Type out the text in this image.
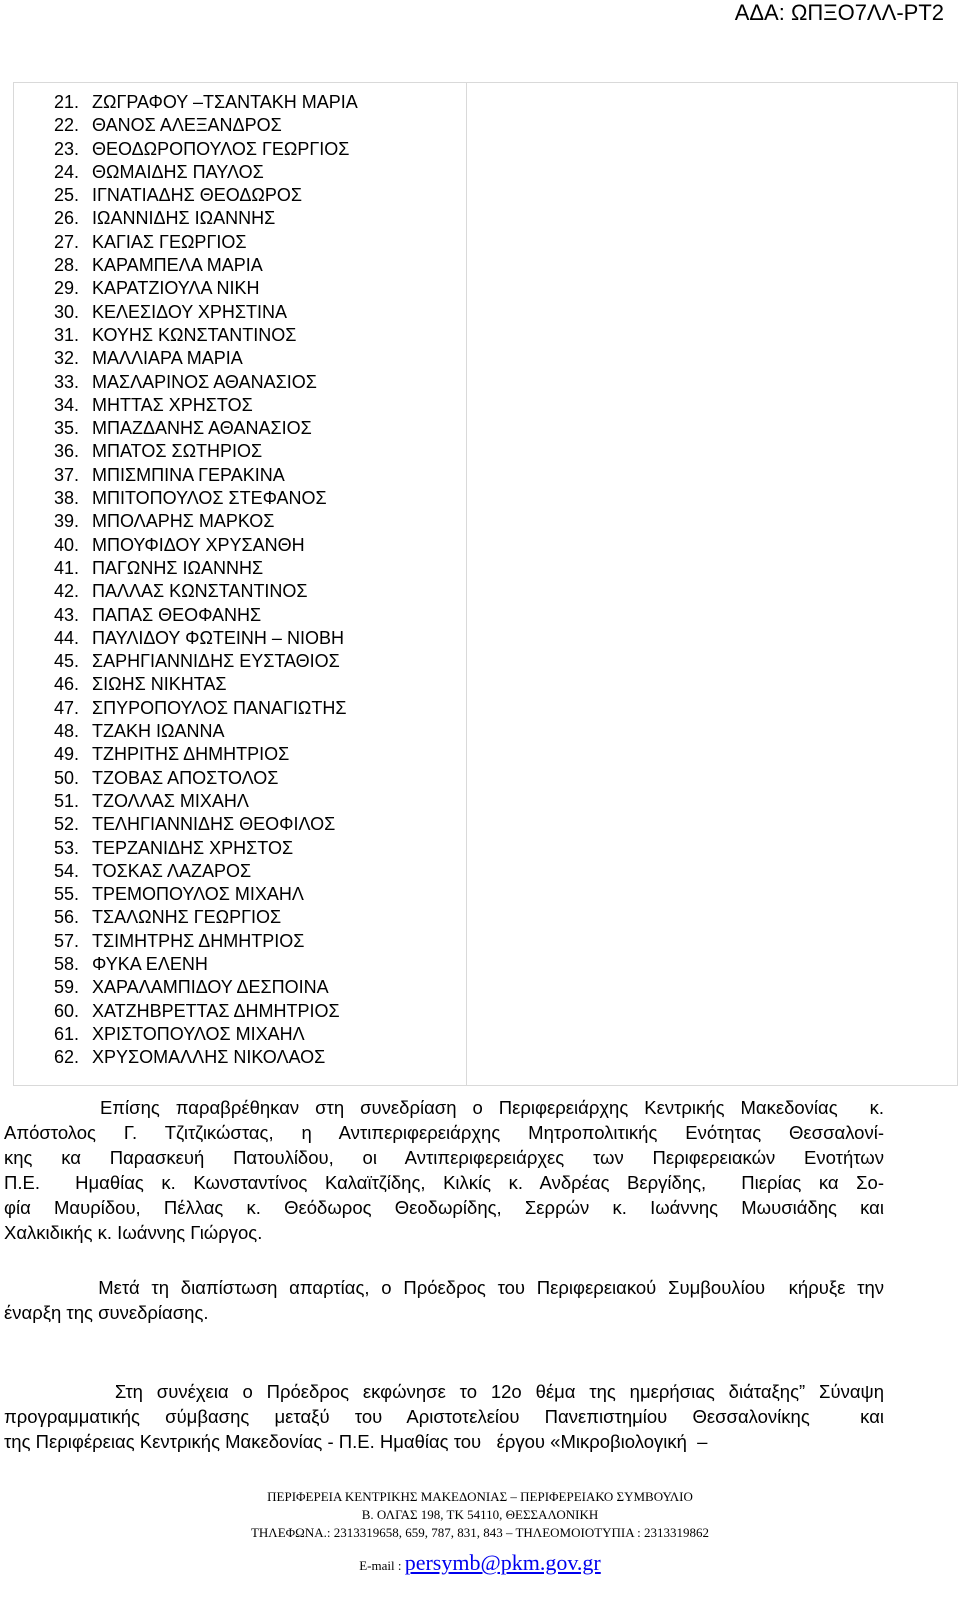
ΑΔΑ: ΩΠΞΟ7ΛΛ-ΡΤ2
21. ΖΩΓΡΑΦΟΥ –ΤΣΑΝΤΑΚΗ ΜΑΡΙΑ
22. ΘΑΝΟΣ ΑΛΕΞΑΝΔΡΟΣ
23. ΘΕΟΔΩΡΟΠΟΥΛΟΣ ΓΕΩΡΓΙΟΣ
24. ΘΩΜΑΙΔΗΣ ΠΑΥΛΟΣ
25. ΙΓΝΑΤΙΑΔΗΣ ΘΕΟΔΩΡΟΣ
26. ΙΩΑΝΝΙΔΗΣ ΙΩΑΝΝΗΣ
27. ΚΑΓΙΑΣ ΓΕΩΡΓΙΟΣ
28. ΚΑΡΑΜΠΕΛΑ ΜΑΡΙΑ
29. ΚΑΡΑΤΖΙΟΥΛΑ ΝΙΚΗ
30. ΚΕΛΕΣΙΔΟΥ ΧΡΗΣΤΙΝΑ
31. ΚΟΥΗΣ ΚΩΝΣΤΑΝΤΙΝΟΣ
32. ΜΑΛΛΙΑΡΑ ΜΑΡΙΑ
33. ΜΑΣΛΑΡΙΝΟΣ ΑΘΑΝΑΣΙΟΣ
34. ΜΗΤΤΑΣ ΧΡΗΣΤΟΣ
35. ΜΠΑΖΔΑΝΗΣ ΑΘΑΝΑΣΙΟΣ
36. ΜΠΑΤΟΣ ΣΩΤΗΡΙΟΣ
37. ΜΠΙΣΜΠΙΝΑ ΓΕΡΑΚΙΝΑ
38. ΜΠΙΤΟΠΟΥΛΟΣ ΣΤΕΦΑΝΟΣ
39. ΜΠΟΛΑΡΗΣ ΜΑΡΚΟΣ
40. ΜΠΟΥΦΙΔΟΥ ΧΡΥΣΑΝΘΗ
41. ΠΑΓΩΝΗΣ ΙΩΑΝΝΗΣ
42. ΠΑΛΛΑΣ ΚΩΝΣΤΑΝΤΙΝΟΣ
43. ΠΑΠΑΣ ΘΕΟΦΑΝΗΣ
44. ΠΑΥΛΙΔΟΥ ΦΩΤΕΙΝΗ – ΝΙΟΒΗ
45. ΣΑΡΗΓΙΑΝΝΙΔΗΣ ΕΥΣΤΑΘΙΟΣ
46. ΣΙΩΗΣ ΝΙΚΗΤΑΣ
47. ΣΠΥΡΟΠΟΥΛΟΣ ΠΑΝΑΓΙΩΤΗΣ
48. ΤΖΑΚΗ ΙΩΑΝΝΑ
49. ΤΖΗΡΙΤΗΣ ΔΗΜΗΤΡΙΟΣ
50. ΤΖΟΒΑΣ ΑΠΟΣΤΟΛΟΣ
51. ΤΖΟΛΛΑΣ ΜΙΧΑΗΛ
52. ΤΕΛΗΓΙΑΝΝΙΔΗΣ ΘΕΟΦΙΛΟΣ
53. ΤΕΡΖΑΝΙΔΗΣ ΧΡΗΣΤΟΣ
54. ΤΟΣΚΑΣ ΛΑΖΑΡΟΣ
55. ΤΡΕΜΟΠΟΥΛΟΣ ΜΙΧΑΗΛ
56. ΤΣΑΛΩΝΗΣ ΓΕΩΡΓΙΟΣ
57. ΤΣΙΜΗΤΡΗΣ ΔΗΜΗΤΡΙΟΣ
58. ΦΥΚΑ ΕΛΕΝΗ
59. ΧΑΡΑΛΑΜΠΙΔΟΥ ΔΕΣΠΟΙΝΑ
60. ΧΑΤΖΗΒΡΕΤΤΑΣ ΔΗΜΗΤΡΙΟΣ
61. ΧΡΙΣΤΟΠΟΥΛΟΣ ΜΙΧΑΗΛ
62. ΧΡΥΣΟΜΑΛΛΗΣ ΝΙΚΟΛΑΟΣ
Επίσης παραβρέθηκαν στη συνεδρίαση ο Περιφερειάρχης Κεντρικής Μακεδονίας  κ.
Απόστολος Γ. Τζιτζικώστας, η Αντιπεριφερειάρχης Μητροπολιτικής Ενότητας Θεσσαλονί-
κης κα Παρασκευή Πατουλίδου, οι Αντιπεριφερειάρχες των Περιφερειακών Ενοτήτων
Π.Ε.  Ημαθίας κ. Κωνσταντίνος Καλαϊτζίδης, Κιλκίς κ. Ανδρέας Βεργίδης,  Πιερίας κα Σο-
φία Μαυρίδου, Πέλλας κ. Θεόδωρος Θεοδωρίδης, Σερρών κ. Ιωάννης Μωυσιάδης και
Χαλκιδικής κ. Ιωάννης Γιώργος.
Μετά τη διαπίστωση απαρτίας, ο Πρόεδρος του Περιφερειακού Συμβουλίου  κήρυξε την
έναρξη της συνεδρίασης.
Στη συνέχεια ο Πρόεδρος εκφώνησε το 12ο θέμα της ημερήσιας διάταξης” Σύναψη
προγραμματικής σύμβασης μεταξύ του Αριστοτελείου Πανεπιστημίου Θεσσαλονίκης  και
της Περιφέρειας Κεντρικής Μακεδονίας - Π.Ε. Ημαθίας του   έργου «Μικροβιολογική  –
ΠΕΡΙΦΕΡΕΙΑ ΚΕΝΤΡΙΚΗΣ ΜΑΚΕΔΟΝΙΑΣ – ΠΕΡΙΦΕΡΕΙΑΚΟ ΣΥΜΒΟΥΛΙΟ
Β. ΟΛΓΑΣ 198, ΤΚ 54110, ΘΕΣΣΑΛΟΝΙΚΗ
ΤΗΛΕΦΩΝΑ.: 2313319658, 659, 787, 831, 843 – ΤΗΛΕΟΜΟΙΟΤΥΠΙΑ : 2313319862
E-mail : persymb@pkm.gov.gr
